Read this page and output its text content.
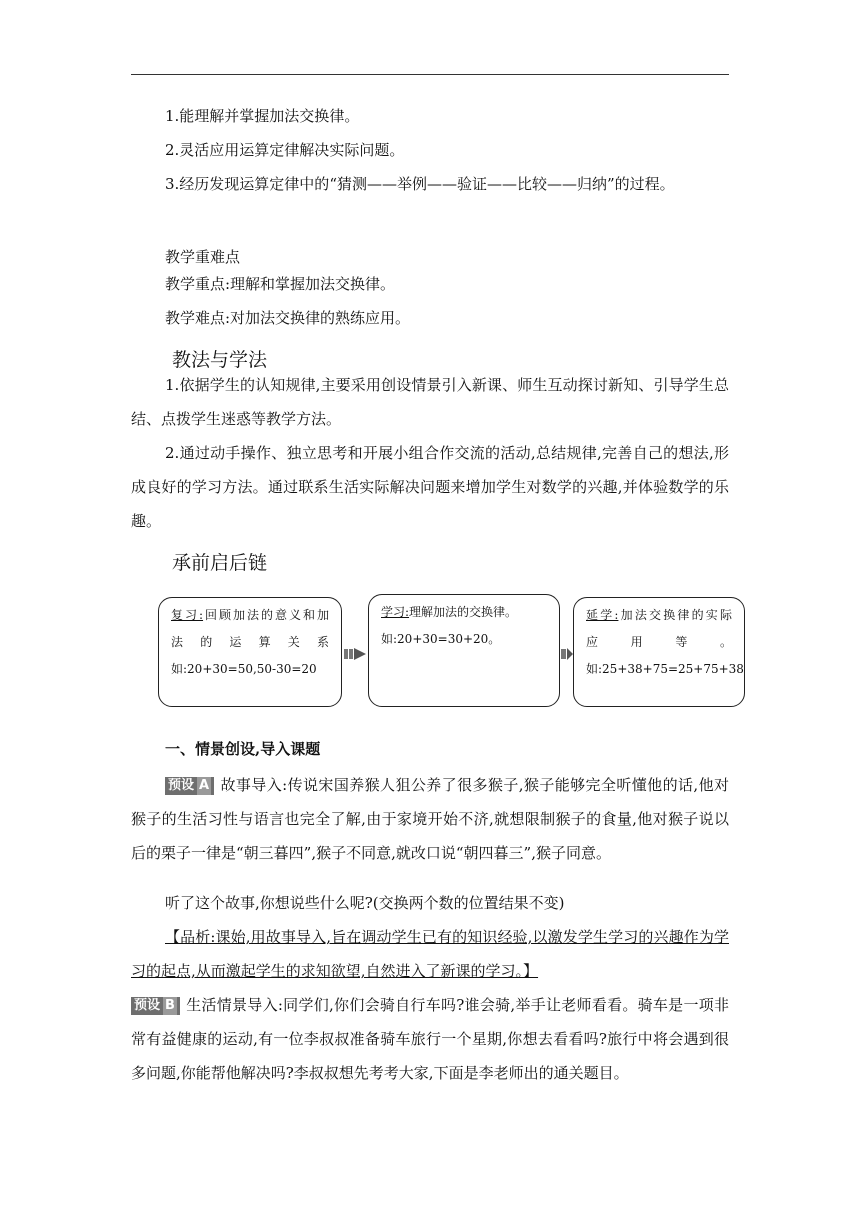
1.能理解并掌握加法交换律。
2.灵活应用运算定律解决实际问题。
3.经历发现运算定律中的“猜测——举例——验证——比较——归纳”的过程。
教学重难点
教学重点:理解和掌握加法交换律。
教学难点:对加法交换律的熟练应用。
教法与学法
1.依据学生的认知规律,主要采用创设情景引入新课、师生互动探讨新知、引导学生总结、点拨学生迷惑等教学方法。
2.通过动手操作、独立思考和开展小组合作交流的活动,总结规律,完善自己的想法,形成良好的学习方法。通过联系生活实际解决问题来增加学生对数学的兴趣,并体验数学的乐趣。
承前启后链
复习:回顾加法的意义和加
法 的 运 算 关 系
如:20+30=50,50-30=20
学习:理解加法的交换律。
如:20+30=30+20。
延学:加法交换律的实际
应 用 等 。
如:25+38+75=25+75+38
一、情景创设,导入课题
预设 A 故事导入:传说宋国养猴人狙公养了很多猴子,猴子能够完全听懂他的话,他对猴子的生活习性与语言也完全了解,由于家境开始不济,就想限制猴子的食量,他对猴子说以后的栗子一律是“朝三暮四”,猴子不同意,就改口说“朝四暮三”,猴子同意。
听了这个故事,你想说些什么呢?(交换两个数的位置结果不变)
【品析:课始,用故事导入,旨在调动学生已有的知识经验,以激发学生学习的兴趣作为学习的起点,从而激起学生的求知欲望,自然进入了新课的学习。】
预设 B 生活情景导入:同学们,你们会骑自行车吗?谁会骑,举手让老师看看。骑车是一项非常有益健康的运动,有一位李叔叔准备骑车旅行一个星期,你想去看看吗?旅行中将会遇到很多问题,你能帮他解决吗?李叔叔想先考考大家,下面是李老师出的通关题目。
